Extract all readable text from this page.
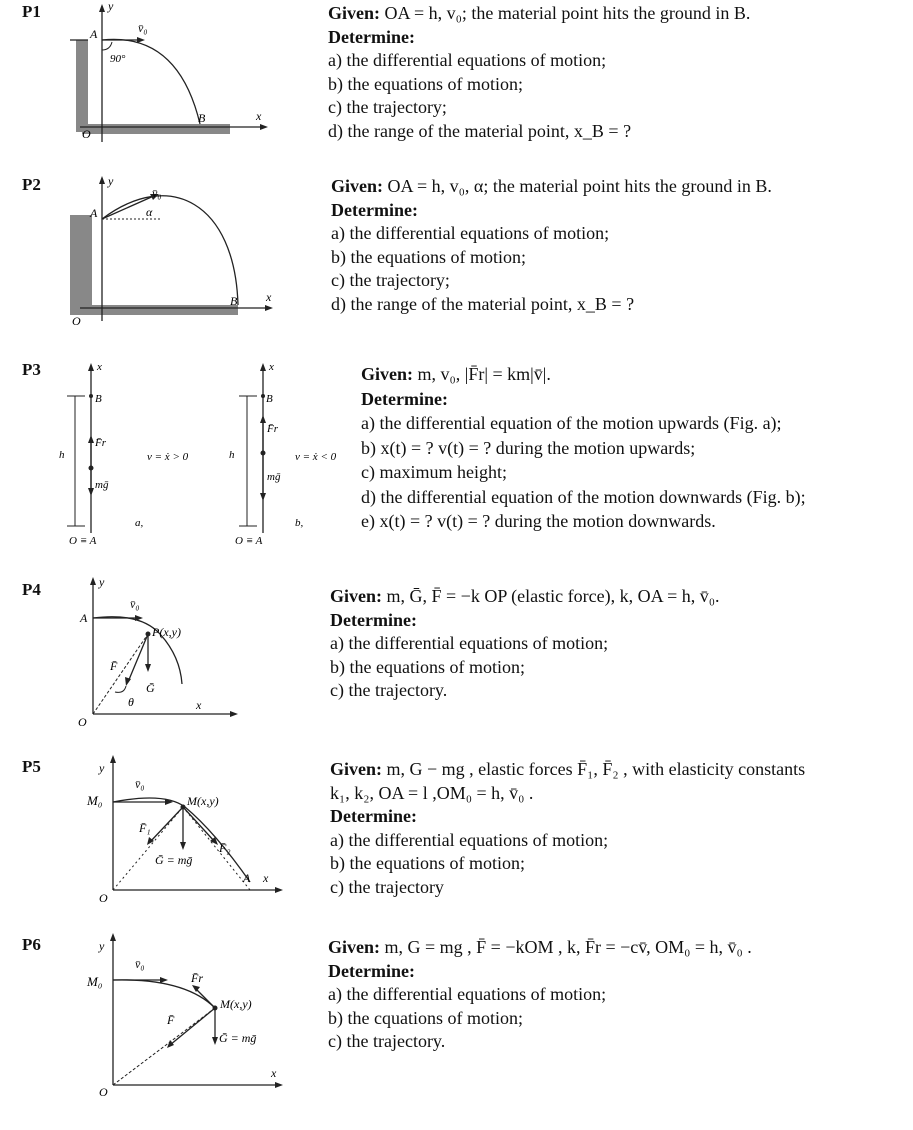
P1	y
A	v̄₀
90°
O
B	x
Given: OA = h, v₀; the material point hits the ground in B.
Determine:
a) the differential equations of motion;
b) the equations of motion;
c) the trajectory;
d) the range of the material point, x_B = ?
P2	y
A
v̄₀
α
O
B x
Given: OA = h, v₀, α; the material point hits the ground in B.
Determine:
a) the differential equations of motion;
b) the equations of motion;
c) the trajectory;
d) the range of the material point, x_B = ?
P3	x
B
F̄r
mḡ
h
O ≡ A
v = ẋ > 0
a,
x
B
F̄r
mḡ
h
O ≡ A
b,
v = ẋ < 0
Given: m, v₀, |F̄r| = km|v̄|.
Determine:
a) the differential equation of the motion upwards (Fig. a);
b) x(t) = ? v(t) = ? during the motion upwards;
c) maximum height;
d) the differential equation of the motion downwards (Fig. b);
e) x(t) = ? v(t) = ? during the motion downwards.
P4	y
A
v̄₀
P(x,y)
F̄
Ḡ
θ
O
x
Given: m, Ḡ, F̄ = −k OP (elastic force), k, OA = h, v̄₀.
Determine:
a) the differential equations of motion;
b) the equations of motion;
c) the trajectory.
P5	y
M₀
v̄₀
M(x,y)
F̄₁
F̄₂
Ḡ = mḡ
A x
O
Given: m, G − mg , elastic forces F̄₁, F̄₂ , with elasticity constants
k₁, k₂, OA = l ,OM₀ = h, v̄₀ .
Determine:
a) the differential equations of motion;
b) the equations of motion;
c) the trajectory
P6	y
M₀
v̄₀
F̄r
F̄
M(x,y)
Ḡ = mḡ
x
O
Given: m, G = mg , F̄ = −kOM , k, F̄r = −cv̄, OM₀ = h, v̄₀ .
Determine:
a) the differential equations of motion;
b) the cquations of motion;
c) the trajectory.
